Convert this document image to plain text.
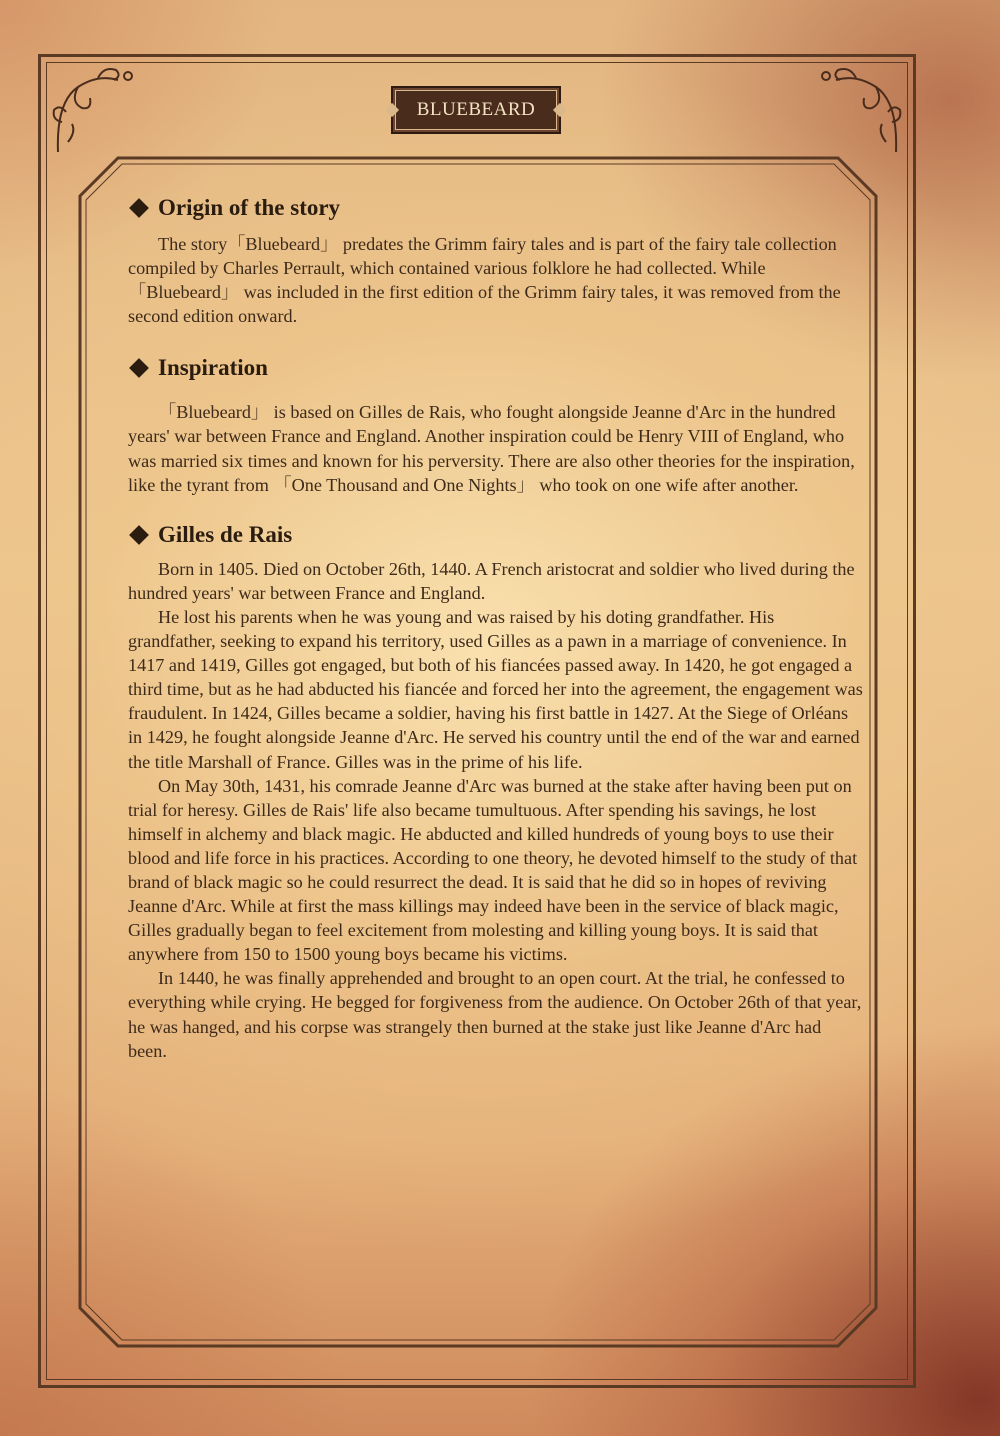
BLUEBEARD
Origin of the story

The story「Bluebeard」 predates the Grimm fairy tales and is part of the fairy tale collection compiled by Charles Perrault, which contained various folklore he had collected. While 「Bluebeard」 was included in the first edition of the Grimm fairy tales, it was removed from the second edition onward.

Inspiration

「Bluebeard」 is based on Gilles de Rais, who fought alongside Jeanne d'Arc in the hundred years' war between France and England. Another inspiration could be Henry VIII of England, who was married six times and known for his perversity. There are also other theories for the inspiration, like the tyrant from 「One Thousand and One Nights」 who took on one wife after another.

Gilles de Rais

Born in 1405. Died on October 26th, 1440. A French aristocrat and soldier who lived during the hundred years' war between France and England.

He lost his parents when he was young and was raised by his doting grandfather. His grandfather, seeking to expand his territory, used Gilles as a pawn in a marriage of convenience. In 1417 and 1419, Gilles got engaged, but both of his fiancées passed away. In 1420, he got engaged a third time, but as he had abducted his fiancée and forced her into the agreement, the engagement was fraudulent. In 1424, Gilles became a soldier, having his first battle in 1427. At the Siege of Orléans in 1429, he fought alongside Jeanne d'Arc. He served his country until the end of the war and earned the title Marshall of France. Gilles was in the prime of his life.

On May 30th, 1431, his comrade Jeanne d'Arc was burned at the stake after having been put on trial for heresy. Gilles de Rais' life also became tumultuous. After spending his savings, he lost himself in alchemy and black magic. He abducted and killed hundreds of young boys to use their blood and life force in his practices. According to one theory, he devoted himself to the study of that brand of black magic so he could resurrect the dead. It is said that he did so in hopes of reviving Jeanne d'Arc. While at first the mass killings may indeed have been in the service of black magic, Gilles gradually began to feel excitement from molesting and killing young boys. It is said that anywhere from 150 to 1500 young boys became his victims.

In 1440, he was finally apprehended and brought to an open court. At the trial, he confessed to everything while crying. He begged for forgiveness from the audience. On October 26th of that year, he was hanged, and his corpse was strangely then burned at the stake just like Jeanne d'Arc had been.
